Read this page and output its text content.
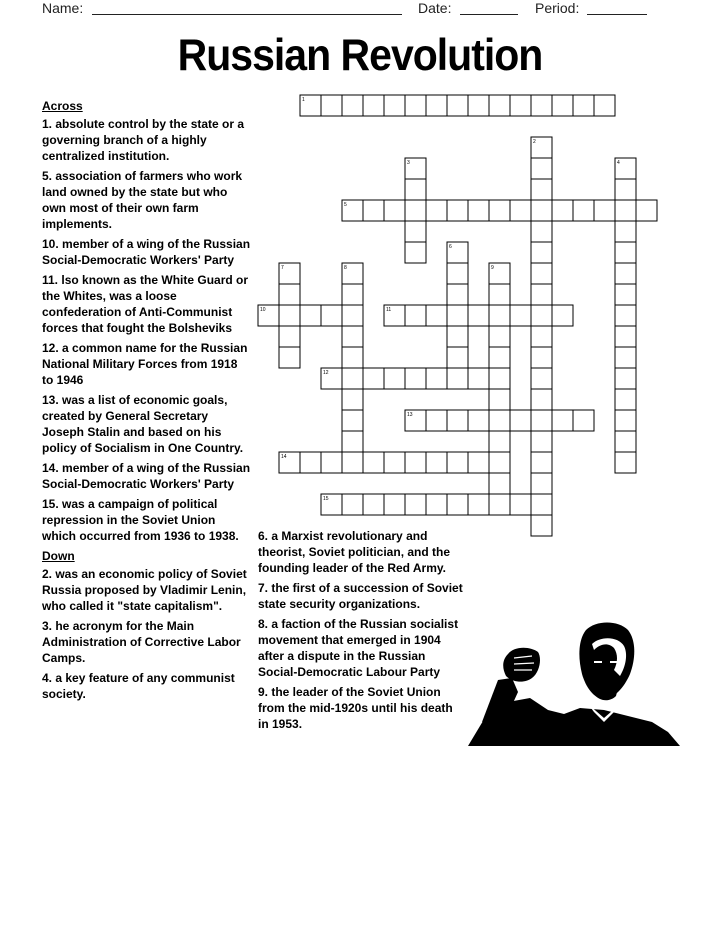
Name:	Date:	Period:
Russian Revolution
Across
1. absolute control by the state or a governing branch of a highly centralized institution.
5. association of farmers who work land owned by the state but who own most of their own farm implements.
10. member of a wing of the Russian Social-Democratic Workers' Party
11. lso known as the White Guard or the Whites, was a loose confederation of Anti-Communist forces that fought the Bolsheviks
12. a common name for the Russian National Military Forces from 1918 to 1946
13. was a list of economic goals, created by General Secretary Joseph Stalin and based on his policy of Socialism in One Country.
14. member of a wing of the Russian Social-Democratic Workers' Party
15. was a campaign of political repression in the Soviet Union which occurred from 1936 to 1938.
Down
2. was an economic policy of Soviet Russia proposed by Vladimir Lenin, who called it "state capitalism".
3. he acronym for the Main Administration of Corrective Labor Camps.
4. a key feature of any communist society.
6. a Marxist revolutionary and theorist, Soviet politician, and the founding leader of the Red Army.
7. the first of a succession of Soviet state security organizations.
8. a faction of the Russian socialist movement that emerged in 1904 after a dispute in the Russian Social-Democratic Labour Party
9. the leader of the Soviet Union from the mid-1920s until his death in 1953.
1
2
3	4
5
6
7	8	9
10	11
12
13
14
15
